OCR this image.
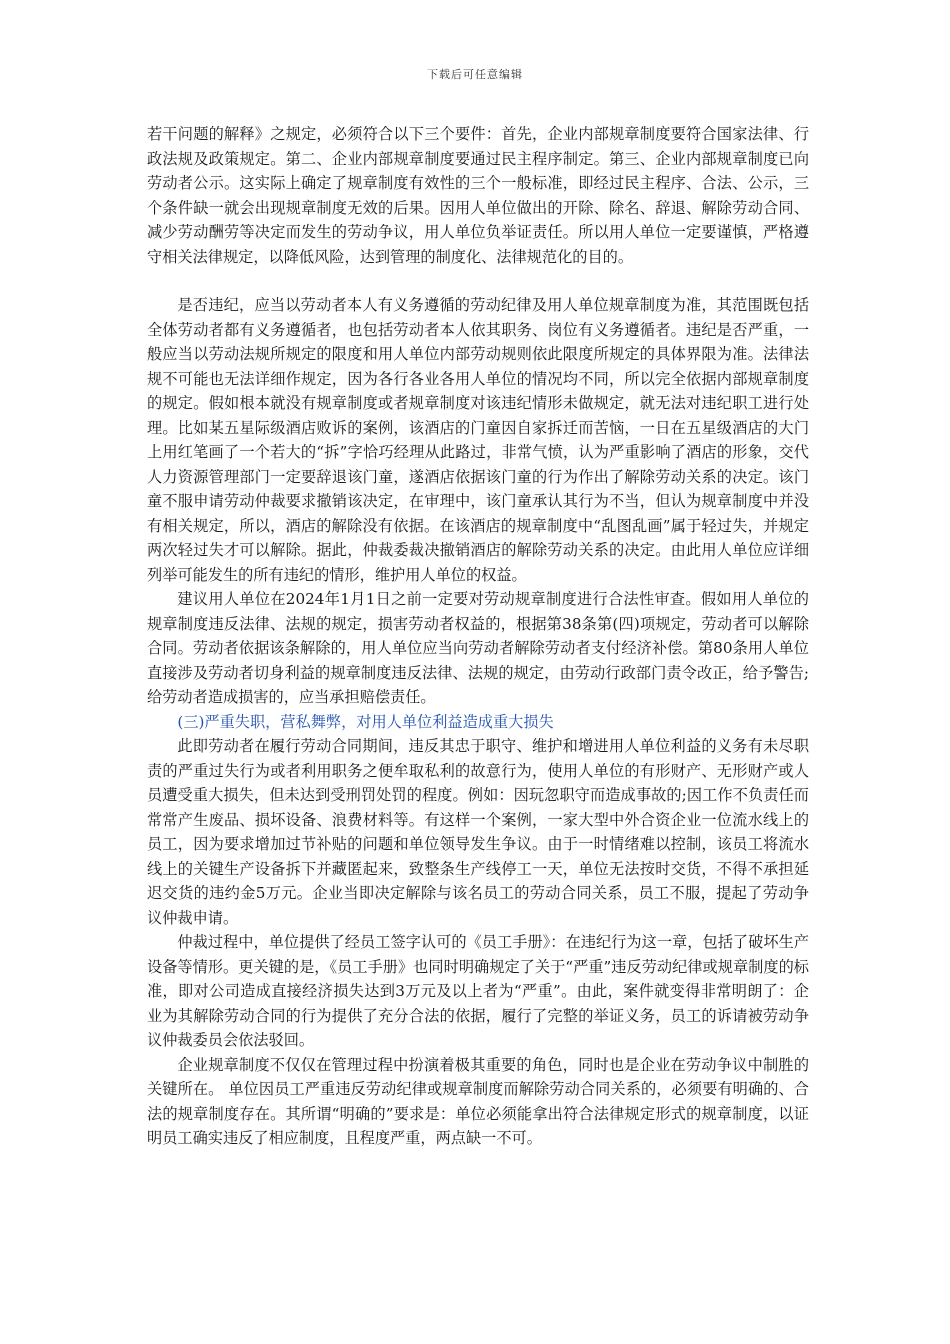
下载后可任意编辑

若干问题的解释》之规定，必须符合以下三个要件：首先，企业内部规章制度要符合国家法律、行政法规及政策规定。第二、企业内部规章制度要通过民主程序制定。第三、企业内部规章制度已向劳动者公示。这实际上确定了规章制度有效性的三个一般标准，即经过民主程序、合法、公示，三个条件缺一就会出现规章制度无效的后果。因用人单位做出的开除、除名、辞退、解除劳动合同、减少劳动酬劳等决定而发生的劳动争议，用人单位负举证责任。所以用人单位一定要谨慎，严格遵守相关法律规定，以降低风险，达到管理的制度化、法律规范化的目的。

是否违纪，应当以劳动者本人有义务遵循的劳动纪律及用人单位规章制度为准，其范围既包括全体劳动者都有义务遵循者，也包括劳动者本人依其职务、岗位有义务遵循者。违纪是否严重，一般应当以劳动法规所规定的限度和用人单位内部劳动规则依此限度所规定的具体界限为准。法律法规不可能也无法详细作规定，因为各行各业各用人单位的情况均不同，所以完全依据内部规章制度的规定。假如根本就没有规章制度或者规章制度对该违纪情形未做规定，就无法对违纪职工进行处理。比如某五星际级酒店败诉的案例，该酒店的门童因自家拆迁而苦恼，一日在五星级酒店的大门上用红笔画了一个若大的“拆”字恰巧经理从此路过，非常气愤，认为严重影响了酒店的形象，交代人力资源管理部门一定要辞退该门童，遂酒店依据该门童的行为作出了解除劳动关系的决定。该门童不服申请劳动仲裁要求撤销该决定，在审理中，该门童承认其行为不当，但认为规章制度中并没有相关规定，所以，酒店的解除没有依据。在该酒店的规章制度中“乱图乱画”属于轻过失，并规定两次轻过失才可以解除。据此，仲裁委裁决撤销酒店的解除劳动关系的决定。由此用人单位应详细列举可能发生的所有违纪的情形，维护用人单位的权益。

建议用人单位在2024年1月1日之前一定要对劳动规章制度进行合法性审查。假如用人单位的规章制度违反法律、法规的规定，损害劳动者权益的，根据第38条第(四)项规定，劳动者可以解除合同。劳动者依据该条解除的，用人单位应当向劳动者解除劳动者支付经济补偿。第80条用人单位直接涉及劳动者切身利益的规章制度违反法律、法规的规定，由劳动行政部门责令改正，给予警告;给劳动者造成损害的，应当承担赔偿责任。

(三)严重失职，营私舞弊，对用人单位利益造成重大损失

此即劳动者在履行劳动合同期间，违反其忠于职守、维护和增进用人单位利益的义务有未尽职责的严重过失行为或者利用职务之便牟取私利的故意行为，使用人单位的有形财产、无形财产或人员遭受重大损失，但未达到受刑罚处罚的程度。例如：因玩忽职守而造成事故的;因工作不负责任而常常产生废品、损坏设备、浪费材料等。有这样一个案例，一家大型中外合资企业一位流水线上的员工，因为要求增加过节补贴的问题和单位领导发生争议。由于一时情绪难以控制，该员工将流水线上的关键生产设备拆下并藏匿起来，致整条生产线停工一天，单位无法按时交货，不得不承担延迟交货的违约金5万元。企业当即决定解除与该名员工的劳动合同关系，员工不服，提起了劳动争议仲裁申请。

仲裁过程中，单位提供了经员工签字认可的《员工手册》：在违纪行为这一章，包括了破坏生产设备等情形。更关键的是，《员工手册》也同时明确规定了关于“严重”违反劳动纪律或规章制度的标准，即对公司造成直接经济损失达到3万元及以上者为“严重”。由此，案件就变得非常明朗了：企业为其解除劳动合同的行为提供了充分合法的依据，履行了完整的举证义务，员工的诉请被劳动争议仲裁委员会依法驳回。

企业规章制度不仅仅在管理过程中扮演着极其重要的角色，同时也是企业在劳动争议中制胜的关键所在。 单位因员工严重违反劳动纪律或规章制度而解除劳动合同关系的，必须要有明确的、合法的规章制度存在。其所谓“明确的”要求是：单位必须能拿出符合法律规定形式的规章制度，以证明员工确实违反了相应制度，且程度严重，两点缺一不可。
